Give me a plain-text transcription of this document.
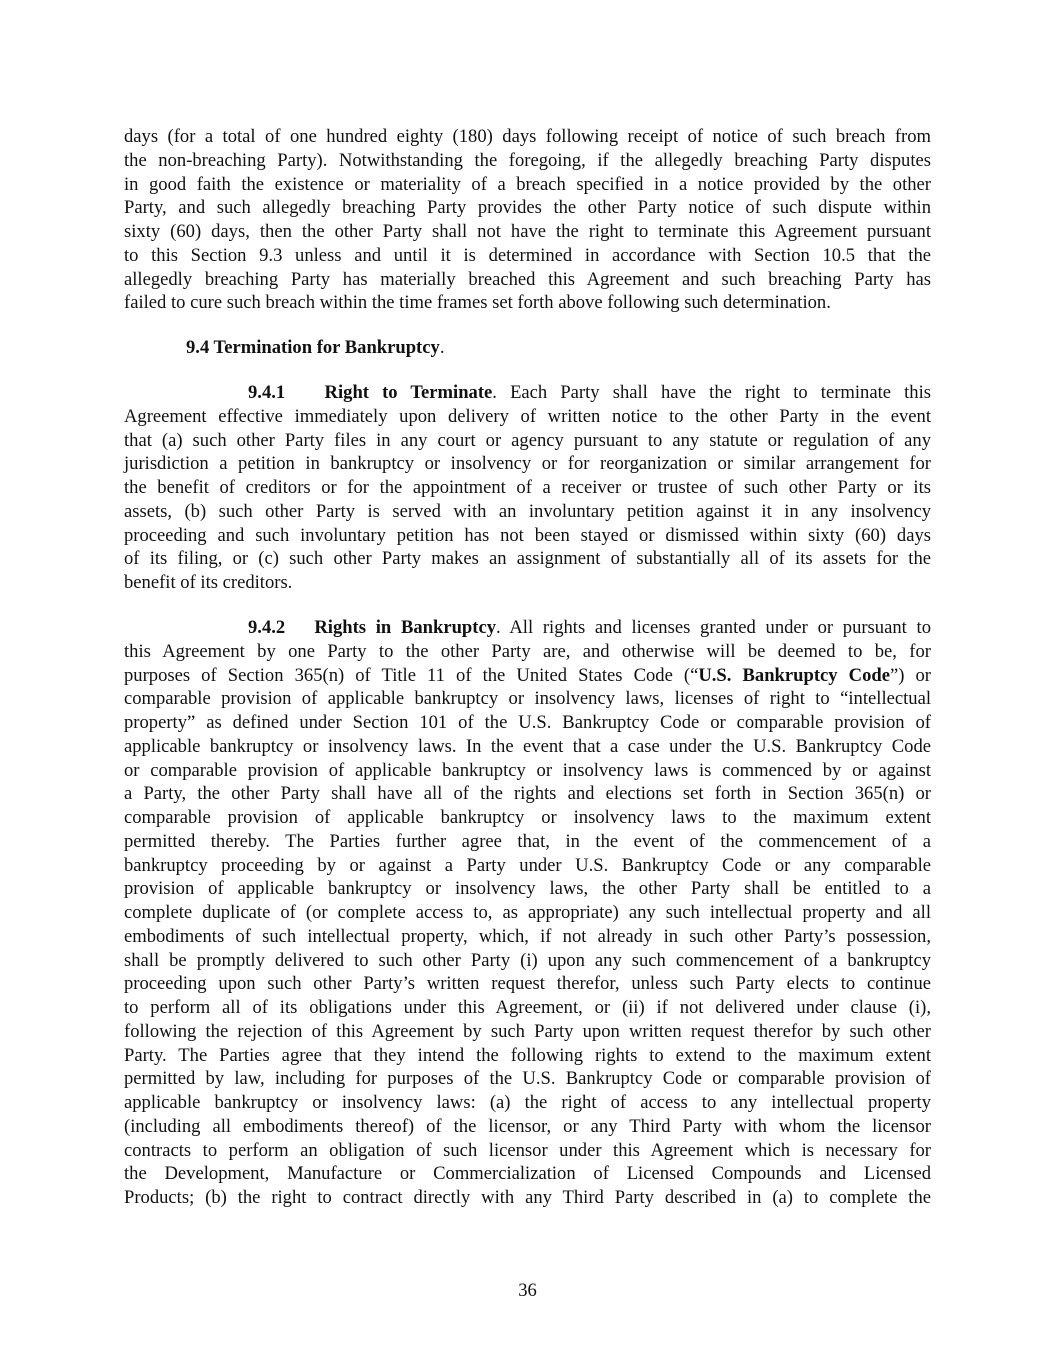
days (for a total of one hundred eighty (180) days following receipt of notice of such breach from
the non-breaching Party). Notwithstanding the foregoing, if the allegedly breaching Party disputes
in good faith the existence or materiality of a breach specified in a notice provided by the other
Party, and such allegedly breaching Party provides the other Party notice of such dispute within
sixty (60) days, then the other Party shall not have the right to terminate this Agreement pursuant
to this Section 9.3 unless and until it is determined in accordance with Section 10.5 that the
allegedly breaching Party has materially breached this Agreement and such breaching Party has
failed to cure such breach within the time frames set forth above following such determination.
9.4 Termination for Bankruptcy.
9.4.1 Right to Terminate. Each Party shall have the right to terminate this
Agreement effective immediately upon delivery of written notice to the other Party in the event
that (a) such other Party files in any court or agency pursuant to any statute or regulation of any
jurisdiction a petition in bankruptcy or insolvency or for reorganization or similar arrangement for
the benefit of creditors or for the appointment of a receiver or trustee of such other Party or its
assets, (b) such other Party is served with an involuntary petition against it in any insolvency
proceeding and such involuntary petition has not been stayed or dismissed within sixty (60) days
of its filing, or (c) such other Party makes an assignment of substantially all of its assets for the
benefit of its creditors.
9.4.2 Rights in Bankruptcy. All rights and licenses granted under or pursuant to
this Agreement by one Party to the other Party are, and otherwise will be deemed to be, for
purposes of Section 365(n) of Title 11 of the United States Code (“U.S. Bankruptcy Code”) or
comparable provision of applicable bankruptcy or insolvency laws, licenses of right to “intellectual
property” as defined under Section 101 of the U.S. Bankruptcy Code or comparable provision of
applicable bankruptcy or insolvency laws. In the event that a case under the U.S. Bankruptcy Code
or comparable provision of applicable bankruptcy or insolvency laws is commenced by or against
a Party, the other Party shall have all of the rights and elections set forth in Section 365(n) or
comparable provision of applicable bankruptcy or insolvency laws to the maximum extent
permitted thereby. The Parties further agree that, in the event of the commencement of a
bankruptcy proceeding by or against a Party under U.S. Bankruptcy Code or any comparable
provision of applicable bankruptcy or insolvency laws, the other Party shall be entitled to a
complete duplicate of (or complete access to, as appropriate) any such intellectual property and all
embodiments of such intellectual property, which, if not already in such other Party’s possession,
shall be promptly delivered to such other Party (i) upon any such commencement of a bankruptcy
proceeding upon such other Party’s written request therefor, unless such Party elects to continue
to perform all of its obligations under this Agreement, or (ii) if not delivered under clause (i),
following the rejection of this Agreement by such Party upon written request therefor by such other
Party. The Parties agree that they intend the following rights to extend to the maximum extent
permitted by law, including for purposes of the U.S. Bankruptcy Code or comparable provision of
applicable bankruptcy or insolvency laws: (a) the right of access to any intellectual property
(including all embodiments thereof) of the licensor, or any Third Party with whom the licensor
contracts to perform an obligation of such licensor under this Agreement which is necessary for
the Development, Manufacture or Commercialization of Licensed Compounds and Licensed
Products; (b) the right to contract directly with any Third Party described in (a) to complete the
36
